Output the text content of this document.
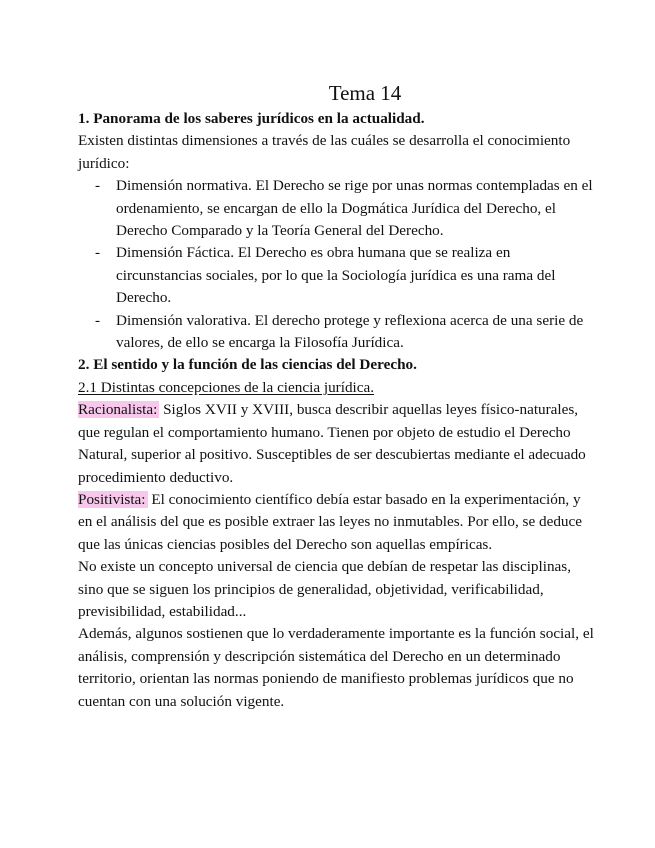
Tema 14

1. Panorama de los saberes jurídicos en la actualidad.

Existen distintas dimensiones a través de las cuáles se desarrolla el conocimiento jurídico:

- Dimensión normativa. El Derecho se rige por unas normas contempladas en el ordenamiento, se encargan de ello la Dogmática Jurídica del Derecho, el Derecho Comparado y la Teoría General del Derecho.
- Dimensión Fáctica. El Derecho es obra humana que se realiza en circunstancias sociales, por lo que la Sociología jurídica es una rama del Derecho.
- Dimensión valorativa. El derecho protege y reflexiona acerca de una serie de valores, de ello se encarga la Filosofía Jurídica.

2. El sentido y la función de las ciencias del Derecho.

2.1 Distintas concepciones de la ciencia jurídica.

Racionalista: Siglos XVII y XVIII, busca describir aquellas leyes físico-naturales, que regulan el comportamiento humano. Tienen por objeto de estudio el Derecho Natural, superior al positivo. Susceptibles de ser descubiertas mediante el adecuado procedimiento deductivo.

Positivista: El conocimiento científico debía estar basado en la experimentación, y en el análisis del que es posible extraer las leyes no inmutables. Por ello, se deduce que las únicas ciencias posibles del Derecho son aquellas empíricas.

No existe un concepto universal de ciencia que debían de respetar las disciplinas, sino que se siguen los principios de generalidad, objetividad, verificabilidad, previsibilidad, estabilidad...

Además, algunos sostienen que lo verdaderamente importante es la función social, el análisis, comprensión y descripción sistemática del Derecho en un determinado territorio, orientan las normas poniendo de manifiesto problemas jurídicos que no cuentan con una solución vigente.
